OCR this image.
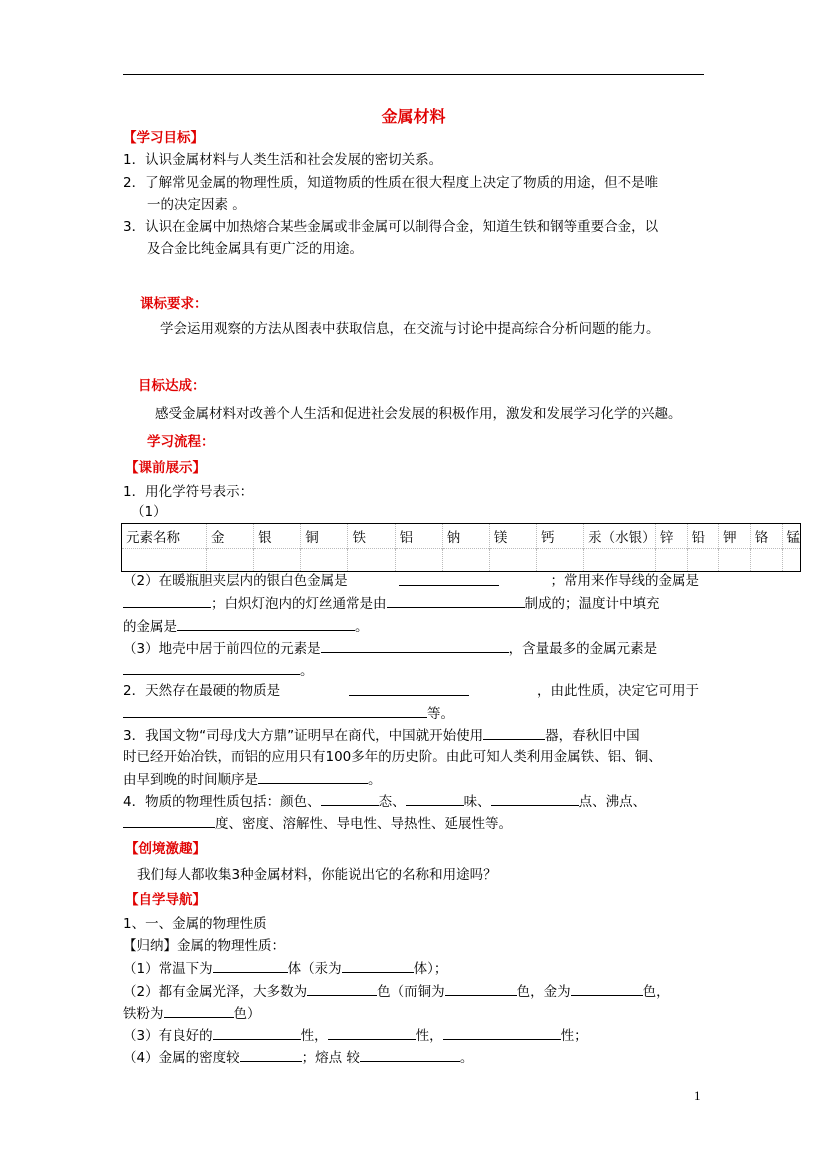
金属材料
【学习目标】
1．认识金属材料与人类生活和社会发展的密切关系。
2．了解常见金属的物理性质，知道物质的性质在很大程度上决定了物质的用途，但不是唯
一的决定因素 。
3．认识在金属中加热熔合某些金属或非金属可以制得合金，知道生铁和钢等重要合金，以
及合金比纯金属具有更广泛的用途。
课标要求：
学会运用观察的方法从图表中获取信息，在交流与讨论中提高综合分析问题的能力。
目标达成：
感受金属材料对改善个人生活和促进社会发展的积极作用，激发和发展学习化学的兴趣。
学习流程：
【课前展示】
1．用化学符号表示：
（1）
元素名称	金	银	铜	铁	铝	钠	镁	钙	汞（水银）	锌	铅	钾	铬	锰

（2）在暖瓶胆夹层内的银白色金属是	；常用来作导线的金属是
；白炽灯泡内的灯丝通常是由	制成的；温度计中填充
的金属是	。
（3）地壳中居于前四位的元素是	，含量最多的金属元素是
。
2．天然存在最硬的物质是	，由此性质，决定它可用于
等。
3．我国文物“司母戊大方鼎”证明早在商代，中国就开始使用	器，春秋旧中国
时已经开始冶铁，而铝的应用只有100多年的历史阶。由此可知人类利用金属铁、铝、铜、
由早到晚的时间顺序是	。
4．物质的物理性质包括：颜色、	态、	味、	点、沸点、
度、密度、溶解性、导电性、导热性、延展性等。
【创境激趣】
我们每人都收集3种金属材料，你能说出它的名称和用途吗？
【自学导航】
1、一、金属的物理性质
【归纳】金属的物理性质：
（1）常温下为	体（汞为	体）；
（2）都有金属光泽，大多数为	色（而铜为	色，金为	色，
铁粉为	色）
（3）有良好的	性，	性，	性；
（4）金属的密度较	；熔点 较	。
1
